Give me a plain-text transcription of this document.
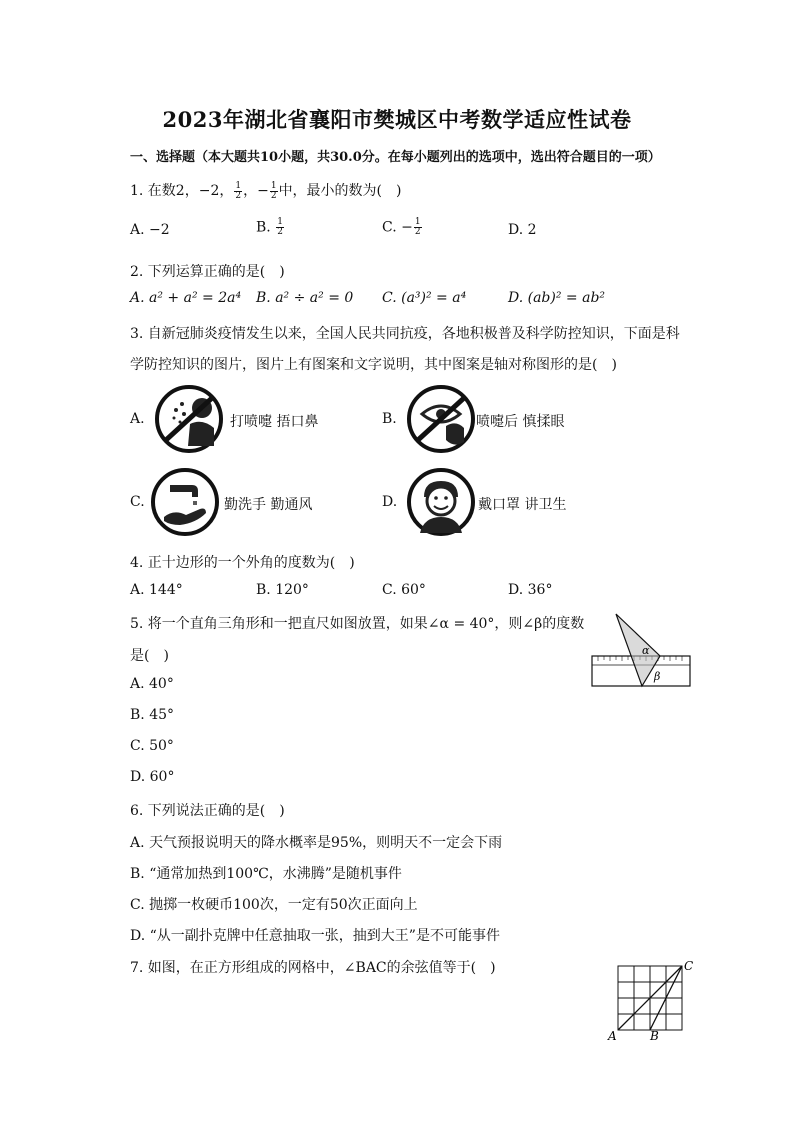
2023年湖北省襄阳市樊城区中考数学适应性试卷
一、选择题（本大题共10小题，共30.0分。在每小题列出的选项中，选出符合题目的一项）
1. 在数2，−2， $\frac{1}{2}$ ，− $\frac{1}{2}$ 中，最小的数为(　)
A. −2	B. $\frac{1}{2}$	C. − $\frac{1}{2}$	D. 2
2. 下列运算正确的是(　)
A. a² + a² = 2a⁴ B. a² ÷ a² = 0 C. (a³)² = a⁴	D. (ab)² = ab²
3. 自新冠肺炎疫情发生以来，全国人民共同抗疫，各地积极普及科学防控知识，下面是科
学防控知识的图片，图片上有图案和文字说明，其中图案是轴对称图形的是(　)
A.	打喷嚏 捂口鼻	B.	喷嚏后 慎揉眼
C.	勤洗手 勤通风	D.	戴口罩 讲卫生
4. 正十边形的一个外角的度数为(　)
A. 144°	B. 120°	C. 60°	D. 36°
5. 将一个直角三角形和一把直尺如图放置，如果∠α = 40°，则∠β的度数
是(　)
A. 40°
B. 45°
C. 50°
D. 60°
α
β
6. 下列说法正确的是(　)
A. 天气预报说明天的降水概率是95%，则明天不一定会下雨
B. “通常加热到100℃，水沸腾”是随机事件
C. 抛掷一枚硬币100次，一定有50次正面向上
D. “从一副扑克牌中任意抽取一张，抽到大王”是不可能事件
7. 如图，在正方形组成的网格中，∠BAC的余弦值等于(　)
A	B
C
